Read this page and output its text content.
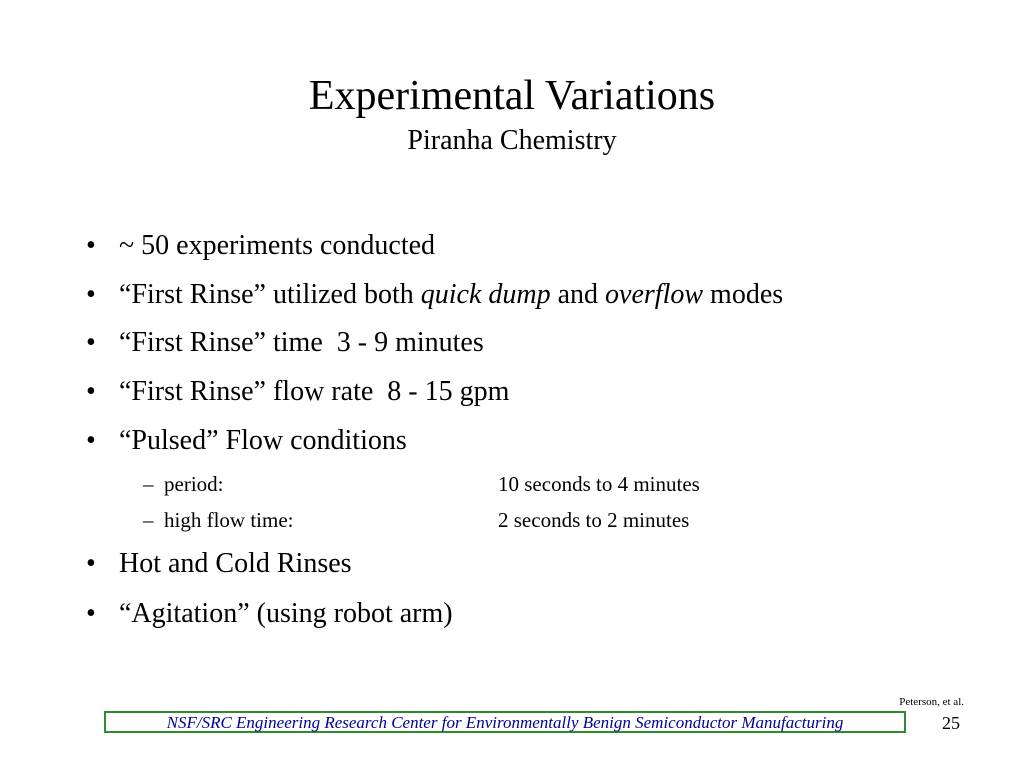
Experimental Variations
Piranha Chemistry
• ~ 50 experiments conducted
• “First Rinse” utilized both quick dump and overflow modes
• “First Rinse” time  3 - 9 minutes
• “First Rinse” flow rate  8 - 15 gpm
• “Pulsed” Flow conditions
– period:	10 seconds to 4 minutes
– high flow time:	2 seconds to 2 minutes
• Hot and Cold Rinses
• “Agitation” (using robot arm)
Peterson, et al.
NSF/SRC Engineering Research Center for Environmentally Benign Semiconductor Manufacturing	25
